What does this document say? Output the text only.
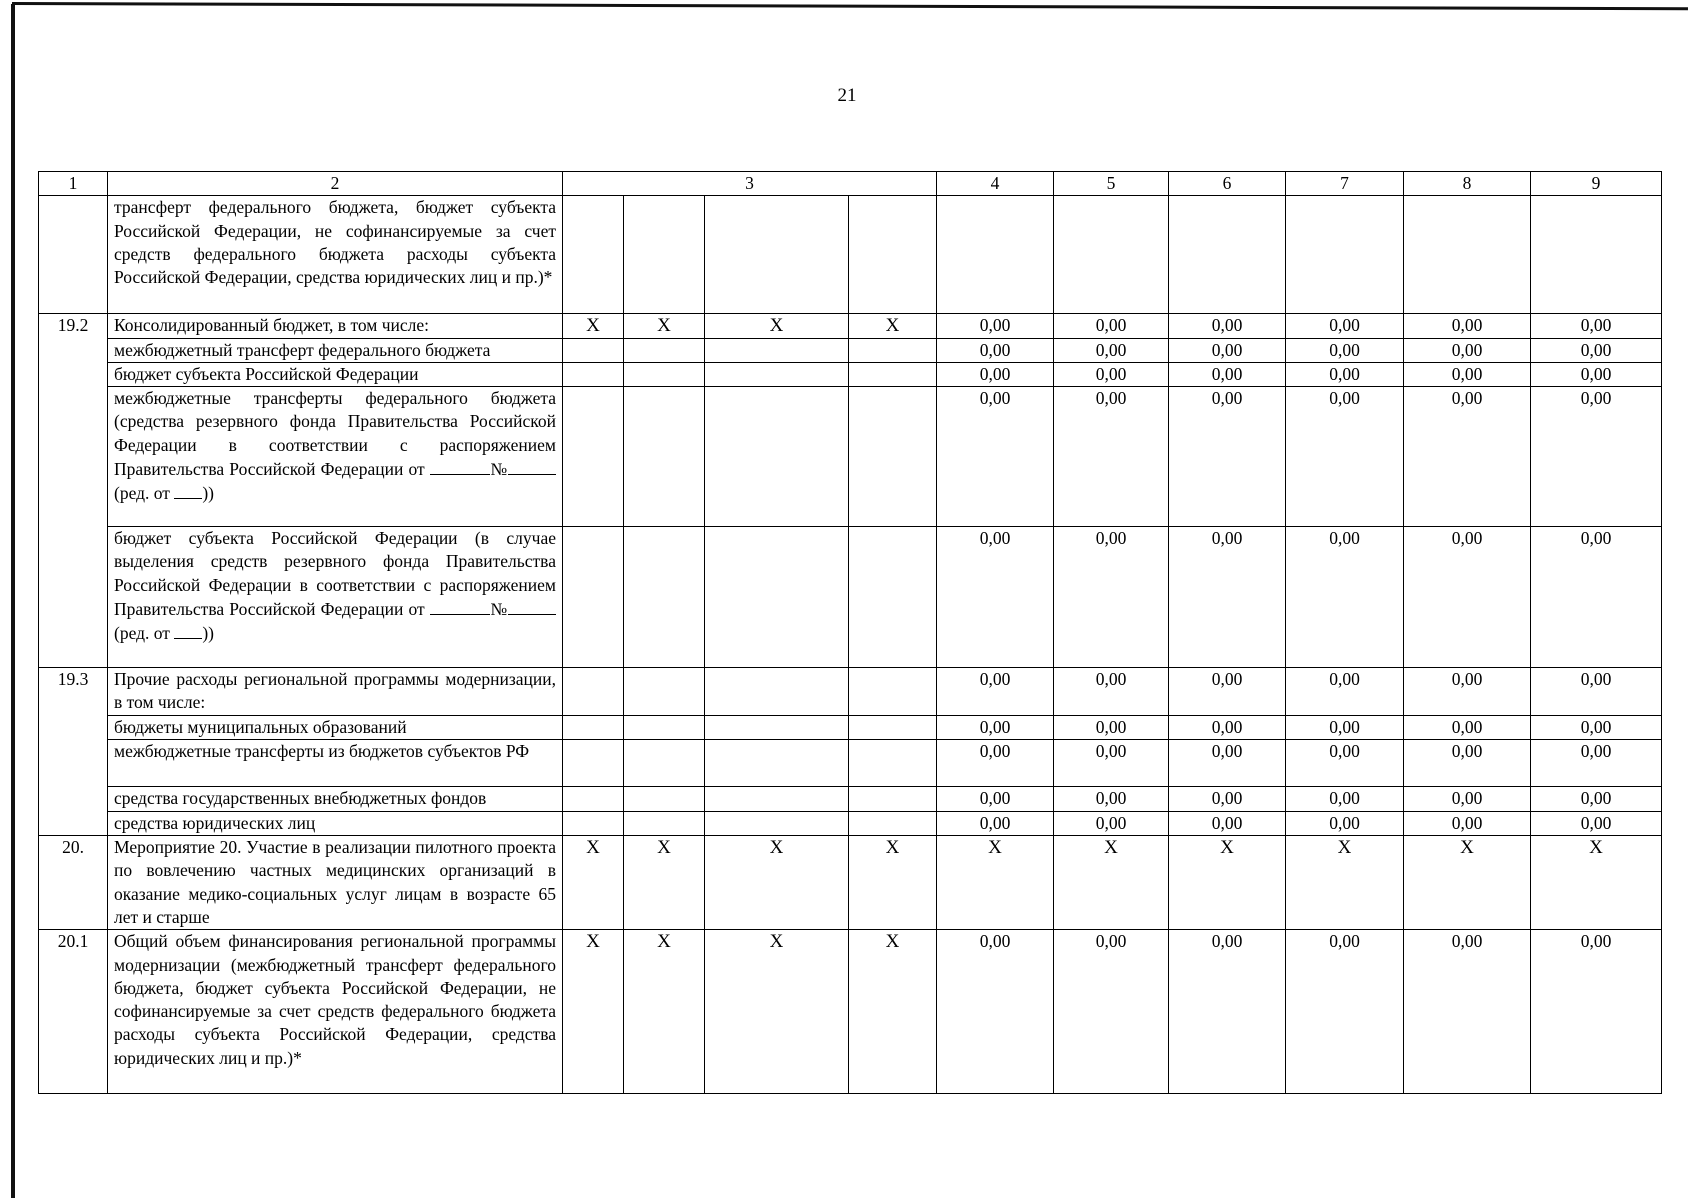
21
1	2	3				4	5	6	7	8	9
	трансферт федерального бюджета, бюджет субъекта Российской Федерации, не софинансируемые за счет средств федерального бюджета расходы субъекта Российской Федерации, средства юридических лиц и пр.)*										
19.2	Консолидированный бюджет, в том числе:	X	X	X	X	0,00	0,00	0,00	0,00	0,00	0,00
	межбюджетный трансферт федерального бюджета					0,00	0,00	0,00	0,00	0,00	0,00
	бюджет субъекта Российской Федерации					0,00	0,00	0,00	0,00	0,00	0,00
	межбюджетные трансферты федерального бюджета (средства резервного фонда Правительства Российской Федерации в соответствии с распоряжением Правительства Российской Федерации от № (ред. от ))					0,00	0,00	0,00	0,00	0,00	0,00
	бюджет субъекта Российской Федерации (в случае выделения средств резервного фонда Правительства Российской Федерации в соответствии с распоряжением Правительства Российской Федерации от № (ред. от ))					0,00	0,00	0,00	0,00	0,00	0,00
19.3	Прочие расходы региональной программы модернизации, в том числе:					0,00	0,00	0,00	0,00	0,00	0,00
	бюджеты муниципальных образований					0,00	0,00	0,00	0,00	0,00	0,00
	межбюджетные трансферты из бюджетов субъектов РФ					0,00	0,00	0,00	0,00	0,00	0,00
	средства государственных внебюджетных фондов					0,00	0,00	0,00	0,00	0,00	0,00
	средства юридических лиц					0,00	0,00	0,00	0,00	0,00	0,00
20.	Мероприятие 20. Участие в реализации пилотного проекта по вовлечению частных медицинских организаций в оказание медико-социальных услуг лицам в возрасте 65 лет и старше	X	X	X	X	X	X	X	X	X	X
20.1	Общий объем финансирования региональной программы модернизации (межбюджетный трансферт федерального бюджета, бюджет субъекта Российской Федерации, не софинансируемые за счет средств федерального бюджета расходы субъекта Российской Федерации, средства юридических лиц и пр.)*	X	X	X	X	0,00	0,00	0,00	0,00	0,00	0,00
